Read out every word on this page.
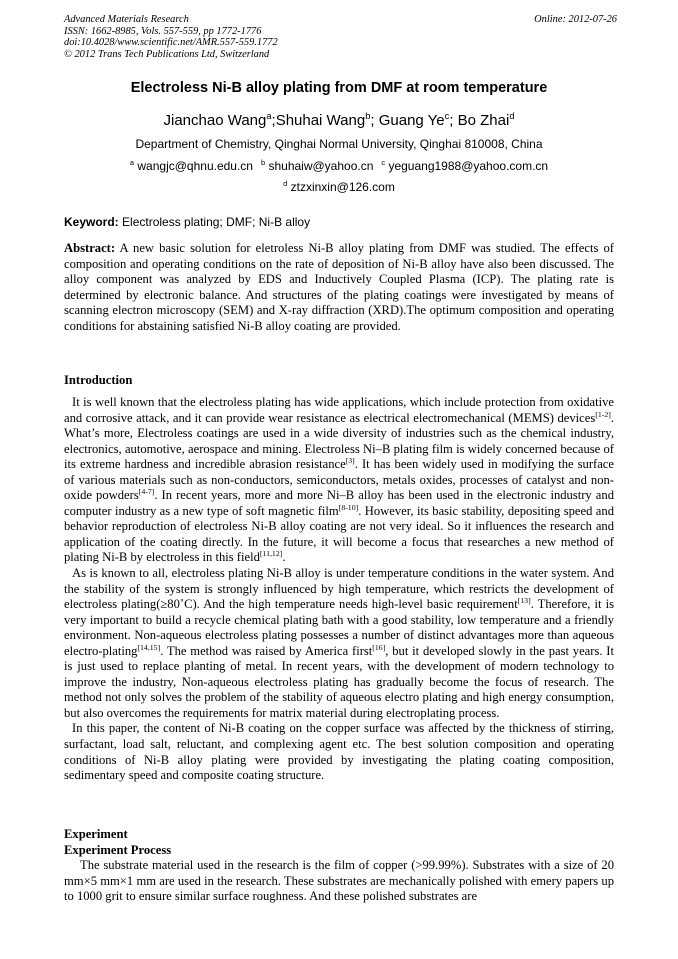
Advanced Materials Research
ISSN: 1662-8985, Vols. 557-559, pp 1772-1776
doi:10.4028/www.scientific.net/AMR.557-559.1772
© 2012 Trans Tech Publications Ltd, Switzerland
Online: 2012-07-26
Electroless Ni-B alloy plating from DMF at room temperature
Jianchao Wang$^a$;Shuhai Wang$^b$; Guang Ye$^c$; Bo Zhai$^d$
Department of Chemistry, Qinghai Normal University, Qinghai 810008, China
$^a$ wangjc@qhnu.edu.cn $^b$ shuhaiw@yahoo.cn $^c$ yeguang1988@yahoo.com.cn
$^d$ ztzxinxin@126.com
Keyword: Electroless plating; DMF; Ni-B alloy
Abstract: A new basic solution for eletroless Ni-B alloy plating from DMF was studied. The effects of composition and operating conditions on the rate of deposition of Ni-B alloy have also been discussed. The alloy component was analyzed by EDS and Inductively Coupled Plasma (ICP). The plating rate is determined by electronic balance. And structures of the plating coatings were investigated by means of scanning electron microscopy (SEM) and X-ray diffraction (XRD).The optimum composition and operating conditions for abstaining satisfied Ni-B alloy coating are provided.
Introduction

It is well known that the electroless plating has wide applications, which include protection from oxidative and corrosive attack, and it can provide wear resistance as electrical electromechanical (MEMS) devices[1-2]. What’s more, Electroless coatings are used in a wide diversity of industries such as the chemical industry, electronics, automotive, aerospace and mining. Electroless Ni–B plating film is widely concerned because of its extreme hardness and incredible abrasion resistance[3]. It has been widely used in modifying the surface of various materials such as non-conductors, semiconductors, metals oxides, processes of catalyst and non-oxide powders[4-7]. In recent years, more and more Ni–B alloy has been used in the electronic industry and computer industry as a new type of soft magnetic film[8-10]. However, its basic stability, depositing speed and behavior reproduction of electroless Ni-B alloy coating are not very ideal. So it influences the research and application of the coating directly. In the future, it will become a focus that researches a new method of plating Ni-B by electroless in this field[11,12].

As is known to all, electroless plating Ni-B alloy is under temperature conditions in the water system. And the stability of the system is strongly influenced by high temperature, which restricts the development of electroless plating(≥80˚C). And the high temperature needs high-level basic requirement[13]. Therefore, it is very important to build a recycle chemical plating bath with a good stability, low temperature and a friendly environment. Non-aqueous electroless plating possesses a number of distinct advantages more than aqueous electro-plating[14,15]. The method was raised by America first[16], but it developed slowly in the past years. It is just used to replace planting of metal. In recent years, with the development of modern technology to improve the industry, Non-aqueous electroless plating has gradually become the focus of research. The method not only solves the problem of the stability of aqueous electro plating and high energy consumption, but also overcomes the requirements for matrix material during electroplating process.

In this paper, the content of Ni-B coating on the copper surface was affected by the thickness of stirring, surfactant, load salt, reluctant, and complexing agent etc. The best solution composition and operating conditions of Ni-B alloy plating were provided by investigating the plating coating composition, sedimentary speed and composite coating structure.

Experiment
Experiment Process

The substrate material used in the research is the film of copper (>99.99%). Substrates with a size of 20 mm×5 mm×1 mm are used in the research. These substrates are mechanically polished with emery papers up to 1000 grit to ensure similar surface roughness. And these polished substrates are
